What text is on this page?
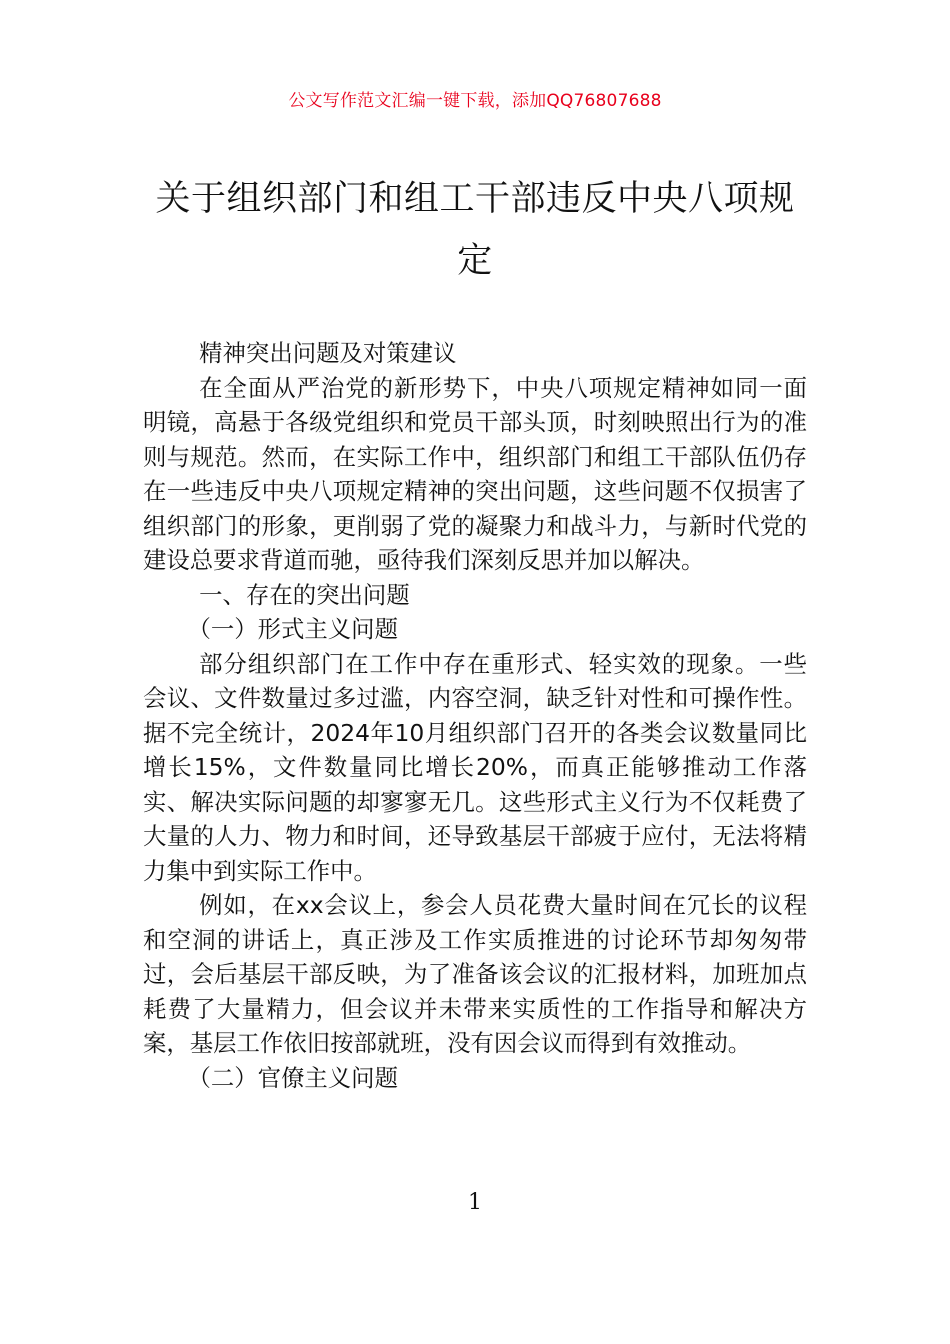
公文写作范文汇编一键下载，添加QQ76807688
关于组织部门和组工干部违反中央八项规定

精神突出问题及对策建议

在全面从严治党的新形势下，中央八项规定精神如同一面明镜，高悬于各级党组织和党员干部头顶，时刻映照出行为的准则与规范。然而，在实际工作中，组织部门和组工干部队伍仍存在一些违反中央八项规定精神的突出问题，这些问题不仅损害了组织部门的形象，更削弱了党的凝聚力和战斗力，与新时代党的建设总要求背道而驰，亟待我们深刻反思并加以解决。

一、存在的突出问题

（一）形式主义问题

部分组织部门在工作中存在重形式、轻实效的现象。一些会议、文件数量过多过滥，内容空洞，缺乏针对性和可操作性。据不完全统计，2024年10月组织部门召开的各类会议数量同比增长15%，文件数量同比增长20%，而真正能够推动工作落实、解决实际问题的却寥寥无几。这些形式主义行为不仅耗费了大量的人力、物力和时间，还导致基层干部疲于应付，无法将精力集中到实际工作中。

例如，在xx会议上，参会人员花费大量时间在冗长的议程和空洞的讲话上，真正涉及工作实质推进的讨论环节却匆匆带过，会后基层干部反映，为了准备该会议的汇报材料，加班加点耗费了大量精力，但会议并未带来实质性的工作指导和解决方案，基层工作依旧按部就班，没有因会议而得到有效推动。

（二）官僚主义问题

1
